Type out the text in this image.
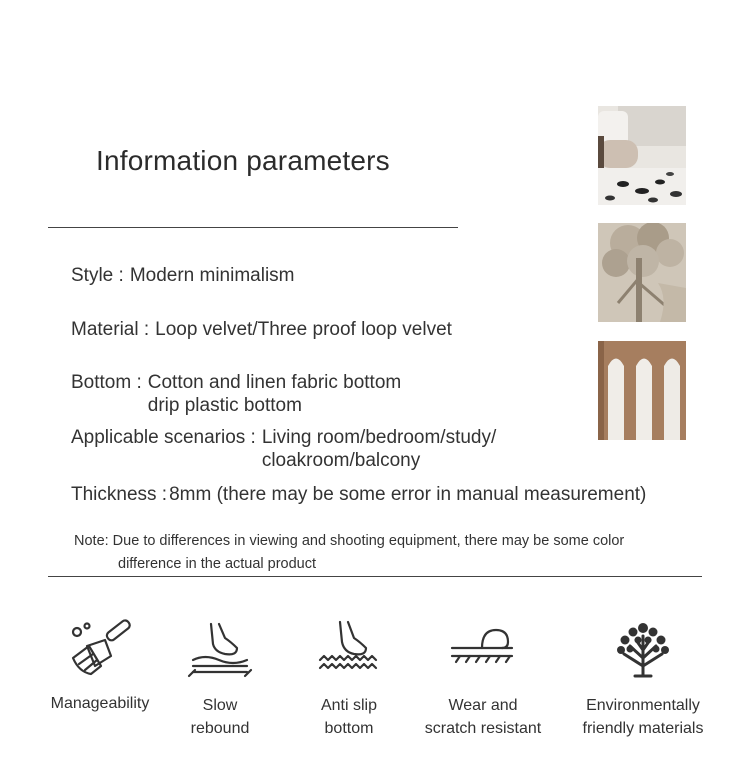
Information parameters
Style : Modern minimalism
Material : Loop velvet/Three proof loop velvet
Bottom : Cotton and linen fabric bottom
drip plastic bottom
Applicable scenarios : Living room/bedroom/study/
cloakroom/balcony
Thickness : 8mm (there may be some error in manual measurement)
Note: Due to differences in viewing and shooting equipment, there may be some color
difference in the actual product
Manageability	Slow
rebound
Anti slip
bottom
Wear and
scratch resistant
Environmentally
friendly materials
